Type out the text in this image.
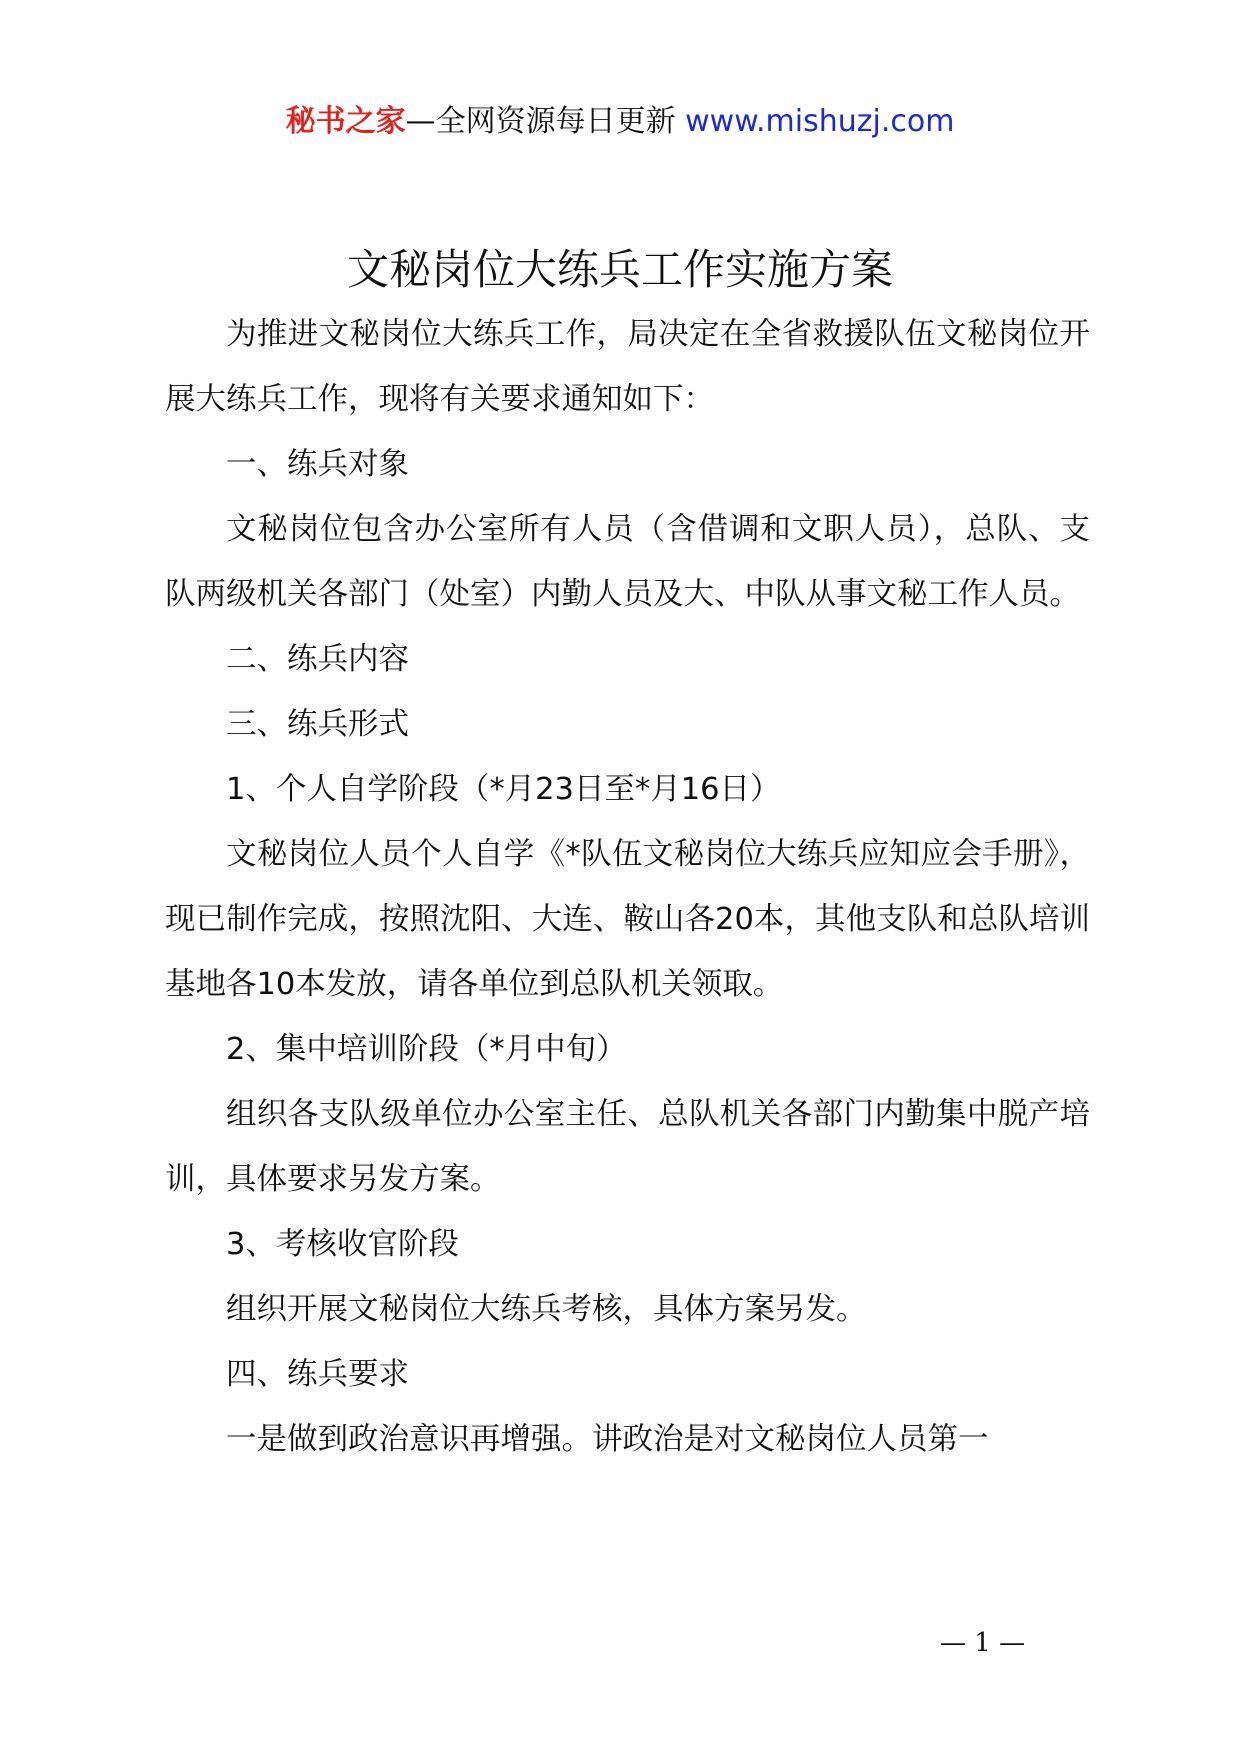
秘书之家—全网资源每日更新 www.mishuzj.com
文秘岗位大练兵工作实施方案

为推进文秘岗位大练兵工作，局决定在全省救援队伍文秘岗位开展大练兵工作，现将有关要求通知如下：

一、练兵对象

文秘岗位包含办公室所有人员（含借调和文职人员），总队、支队两级机关各部门（处室）内勤人员及大、中队从事文秘工作人员。

二、练兵内容

三、练兵形式

1、个人自学阶段（*月23日至*月16日）

文秘岗位人员个人自学《*队伍文秘岗位大练兵应知应会手册》，现已制作完成，按照沈阳、大连、鞍山各20本，其他支队和总队培训基地各10本发放，请各单位到总队机关领取。

2、集中培训阶段（*月中旬）

组织各支队级单位办公室主任、总队机关各部门内勤集中脱产培训，具体要求另发方案。

3、考核收官阶段

组织开展文秘岗位大练兵考核，具体方案另发。

四、练兵要求

一是做到政治意识再增强。讲政治是对文秘岗位人员第一

— 1 —
